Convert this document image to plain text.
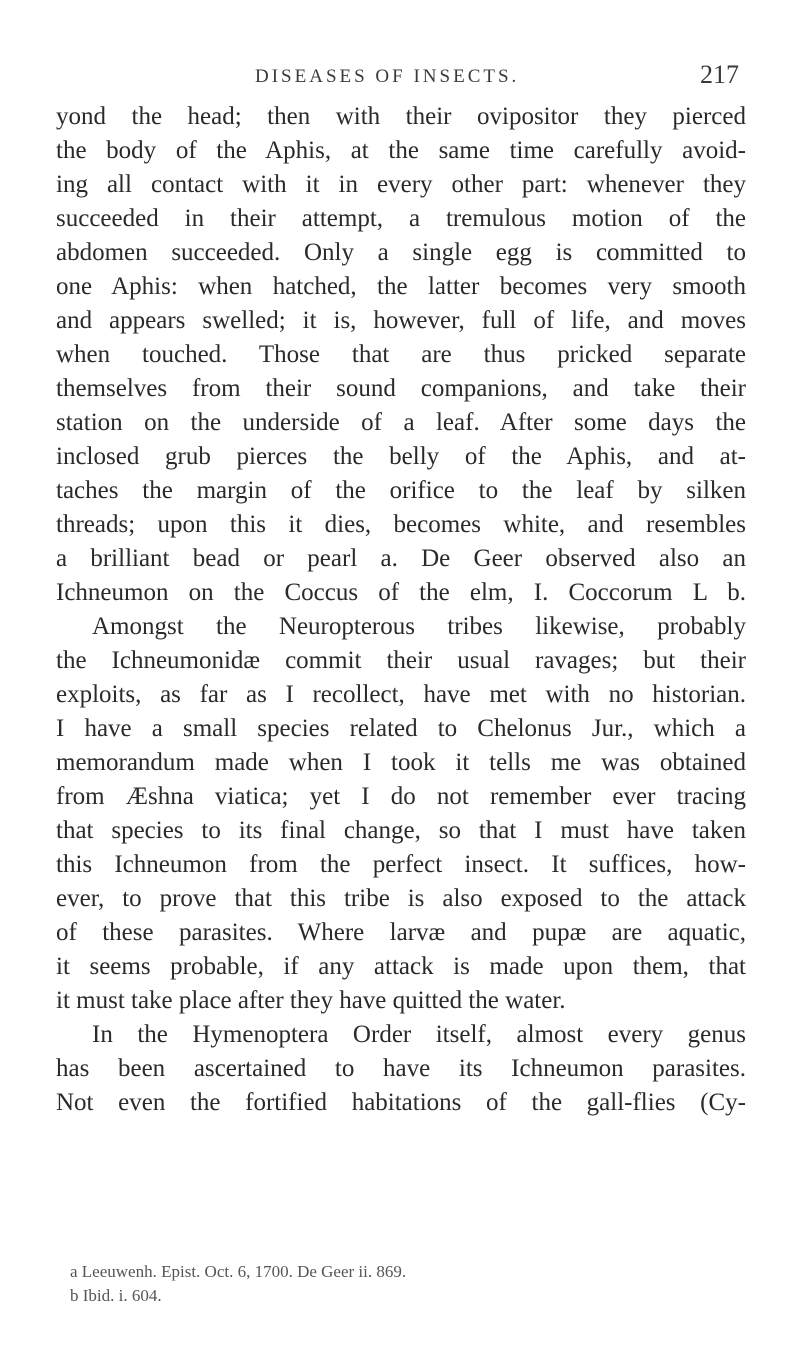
DISEASES OF INSECTS.	217
yond the head; then with their ovipositor they pierced
the body of the Aphis, at the same time carefully avoid-
ing all contact with it in every other part: whenever they
succeeded in their attempt, a tremulous motion of the
abdomen succeeded. Only a single egg is committed to
one Aphis: when hatched, the latter becomes very smooth
and appears swelled; it is, however, full of life, and moves
when touched. Those that are thus pricked separate
themselves from their sound companions, and take their
station on the underside of a leaf. After some days the
inclosed grub pierces the belly of the Aphis, and at-
taches the margin of the orifice to the leaf by silken
threads; upon this it dies, becomes white, and resembles
a brilliant bead or pearl a. De Geer observed also an
Ichneumon on the Coccus of the elm, I. Coccorum L b.
Amongst the Neuropterous tribes likewise, probably
the Ichneumonidæ commit their usual ravages; but their
exploits, as far as I recollect, have met with no historian.
I have a small species related to Chelonus Jur., which a
memorandum made when I took it tells me was obtained
from Æshna viatica; yet I do not remember ever tracing
that species to its final change, so that I must have taken
this Ichneumon from the perfect insect. It suffices, how-
ever, to prove that this tribe is also exposed to the attack
of these parasites. Where larvæ and pupæ are aquatic,
it seems probable, if any attack is made upon them, that
it must take place after they have quitted the water.
In the Hymenoptera Order itself, almost every genus
has been ascertained to have its Ichneumon parasites.
Not even the fortified habitations of the gall-flies (Cy-
a Leeuwenh. Epist. Oct. 6, 1700. De Geer ii. 869.
b Ibid. i. 604.
